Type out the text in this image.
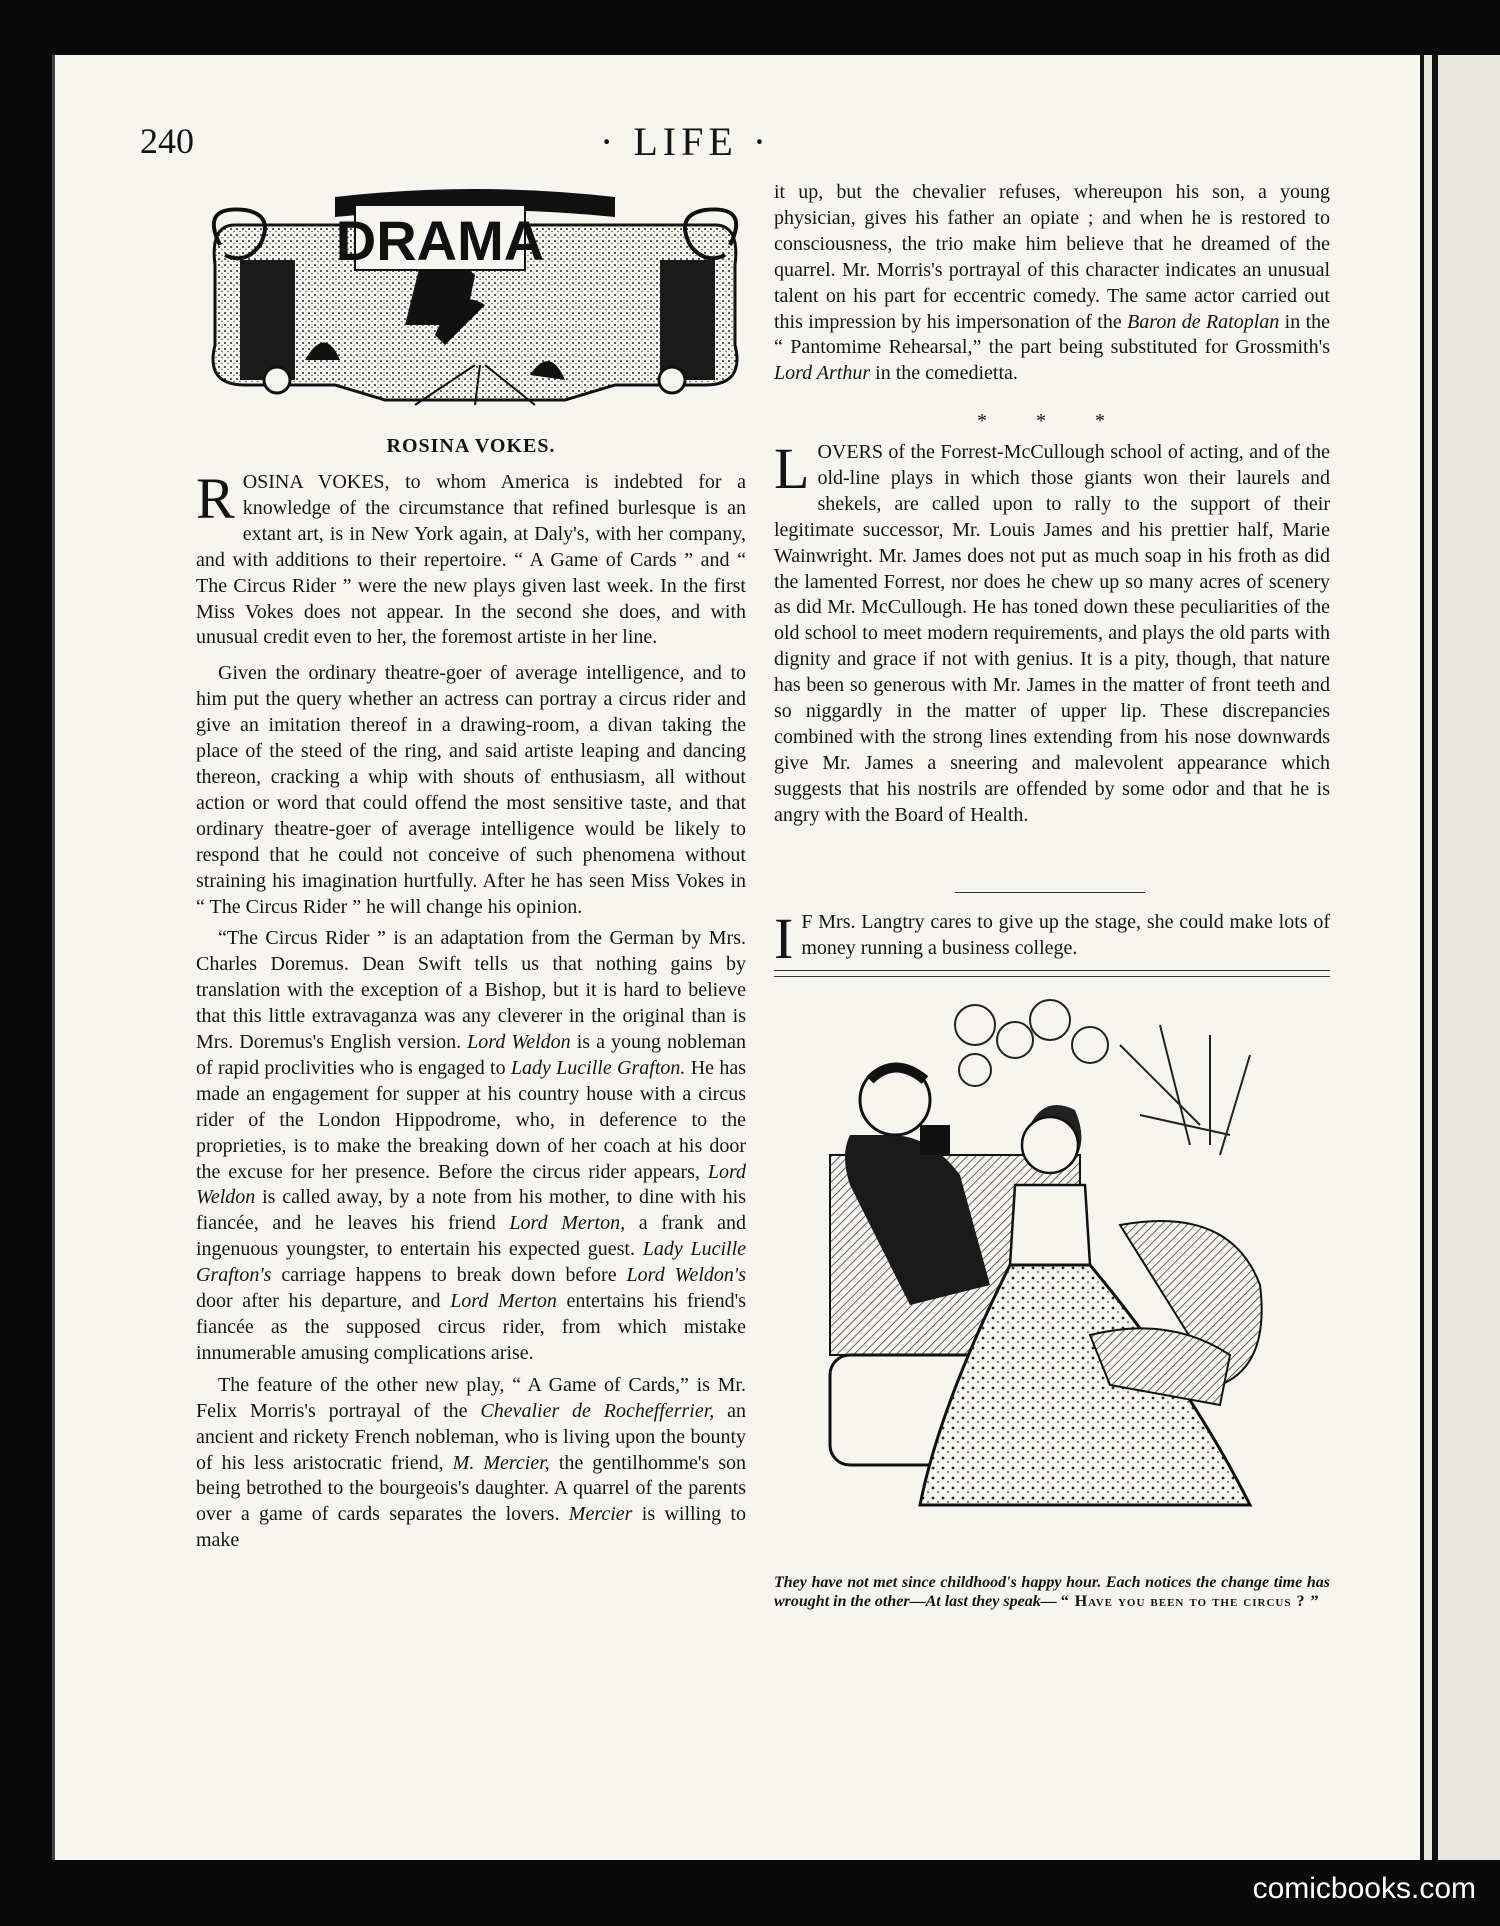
240	· LIFE ·
DRAMA
ROSINA VOKES.

ROSINA VOKES, to whom America is indebted for a knowledge of the circumstance that refined burlesque is an extant art, is in New York again, at Daly's, with her company, and with additions to their repertoire. “ A Game of Cards ” and “ The Circus Rider ” were the new plays given last week. In the first Miss Vokes does not appear. In the second she does, and with unusual credit even to her, the foremost artiste in her line.

Given the ordinary theatre-goer of average intelligence, and to him put the query whether an actress can portray a circus rider and give an imitation thereof in a drawing-room, a divan taking the place of the steed of the ring, and said artiste leaping and dancing thereon, cracking a whip with shouts of enthusiasm, all without action or word that could offend the most sensitive taste, and that ordinary theatre-goer of average intelligence would be likely to respond that he could not conceive of such phenomena without straining his imagination hurtfully. After he has seen Miss Vokes in “ The Circus Rider ” he will change his opinion.

“The Circus Rider ” is an adaptation from the German by Mrs. Charles Doremus. Dean Swift tells us that nothing gains by translation with the exception of a Bishop, but it is hard to believe that this little extravaganza was any cleverer in the original than is Mrs. Doremus's English version. Lord Weldon is a young nobleman of rapid proclivities who is engaged to Lady Lucille Grafton. He has made an engagement for supper at his country house with a circus rider of the London Hippodrome, who, in deference to the proprieties, is to make the breaking down of her coach at his door the excuse for her presence. Before the circus rider appears, Lord Weldon is called away, by a note from his mother, to dine with his fiancée, and he leaves his friend Lord Merton, a frank and ingenuous youngster, to entertain his expected guest. Lady Lucille Grafton's carriage happens to break down before Lord Weldon's door after his departure, and Lord Merton entertains his friend's fiancée as the supposed circus rider, from which mistake innumerable amusing complications arise.

The feature of the other new play, “ A Game of Cards,” is Mr. Felix Morris's portrayal of the Chevalier de Rochefferrier, an ancient and rickety French nobleman, who is living upon the bounty of his less aristocratic friend, M. Mercier, the gentilhomme's son being betrothed to the bourgeois's daughter. A quarrel of the parents over a game of cards separates the lovers. Mercier is willing to make

it up, but the chevalier refuses, whereupon his son, a young physician, gives his father an opiate ; and when he is restored to consciousness, the trio make him believe that he dreamed of the quarrel. Mr. Morris's portrayal of this character indicates an unusual talent on his part for eccentric comedy. The same actor carried out this impression by his impersonation of the Baron de Ratoplan in the “ Pantomime Rehearsal,” the part being substituted for Grossmith's Lord Arthur in the comedietta.

* * *

LOVERS of the Forrest-McCullough school of acting, and of the old-line plays in which those giants won their laurels and shekels, are called upon to rally to the support of their legitimate successor, Mr. Louis James and his prettier half, Marie Wainwright. Mr. James does not put as much soap in his froth as did the lamented Forrest, nor does he chew up so many acres of scenery as did Mr. McCullough. He has toned down these peculiarities of the old school to meet modern requirements, and plays the old parts with dignity and grace if not with genius. It is a pity, though, that nature has been so generous with Mr. James in the matter of front teeth and so niggardly in the matter of upper lip. These discrepancies combined with the strong lines extending from his nose downwards give Mr. James a sneering and malevolent appearance which suggests that his nostrils are offended by some odor and that he is angry with the Board of Health.

I F Mrs. Langtry cares to give up the stage, she could make lots of money running a business college.

They have not met since childhood's happy hour. Each notices the change time has wrought in the other—At last they speak— “ Have you been to the circus ? ”
comicbooks.com
